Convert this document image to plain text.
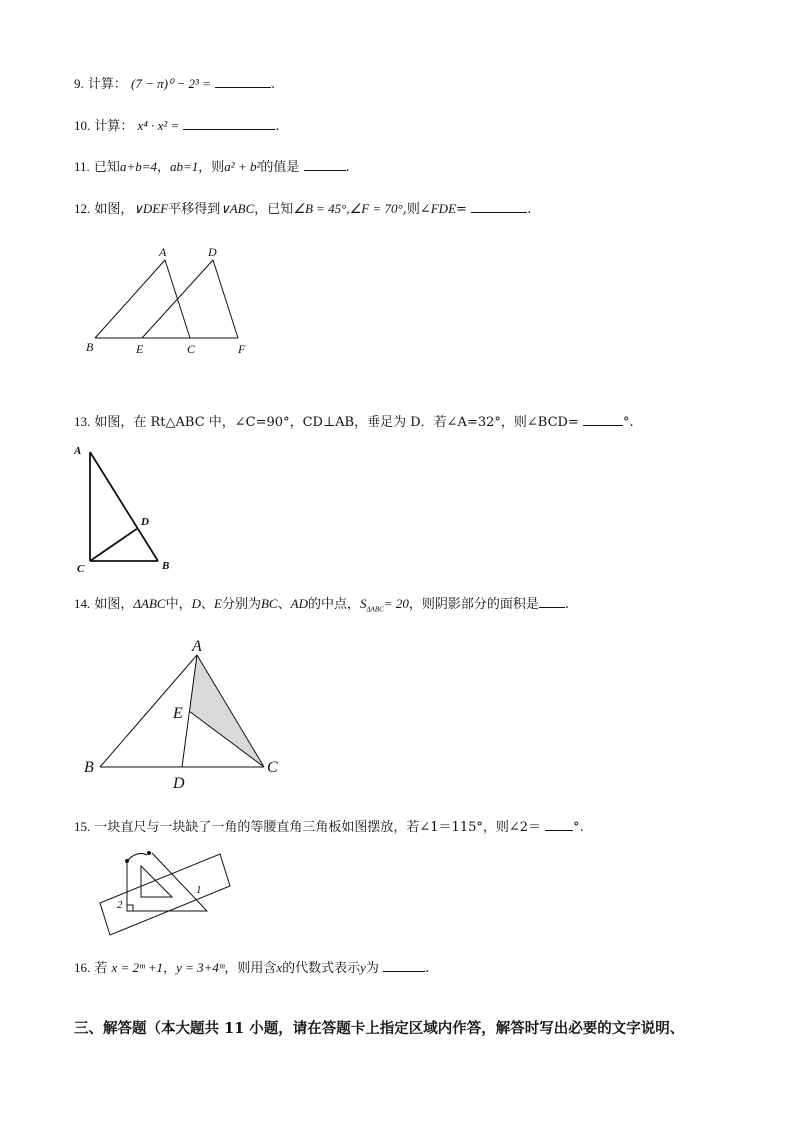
9. 计算： (7 − π)⁰ − 2³ =	.
10. 计算： x⁴ · x² =	.
11. 已知a+b=4，ab=1，则a² + b²的值是	.
12. 如图，∨DEF平移得到∨ABC，已知∠B = 45°,∠F = 70°,则∠FDE=	.
A	D
B	E	C	F
13. 如图，在 Rt△ABC 中，∠C=90°，CD⊥AB，垂足为 D．若∠A=32°，则∠BCD=	°.
A
D
C	B
14. 如图，ΔABC中，D、E分别为BC、AD的中点，$S_{\Delta ABC}= 20$，则阴影部分的面积是 .
A
E
B
D
C
15. 一块直尺与一块缺了一角的等腰直角三角板如图摆放，若∠1＝115°，则∠2＝ °.
1
2
16. 若 x = 2ᵐ +1，y = 3+4ᵐ，则用含x的代数式表示y为	.
三、解答题（本大题共 11 小题，请在答题卡上指定区域内作答，解答时写出必要的文字说明、
